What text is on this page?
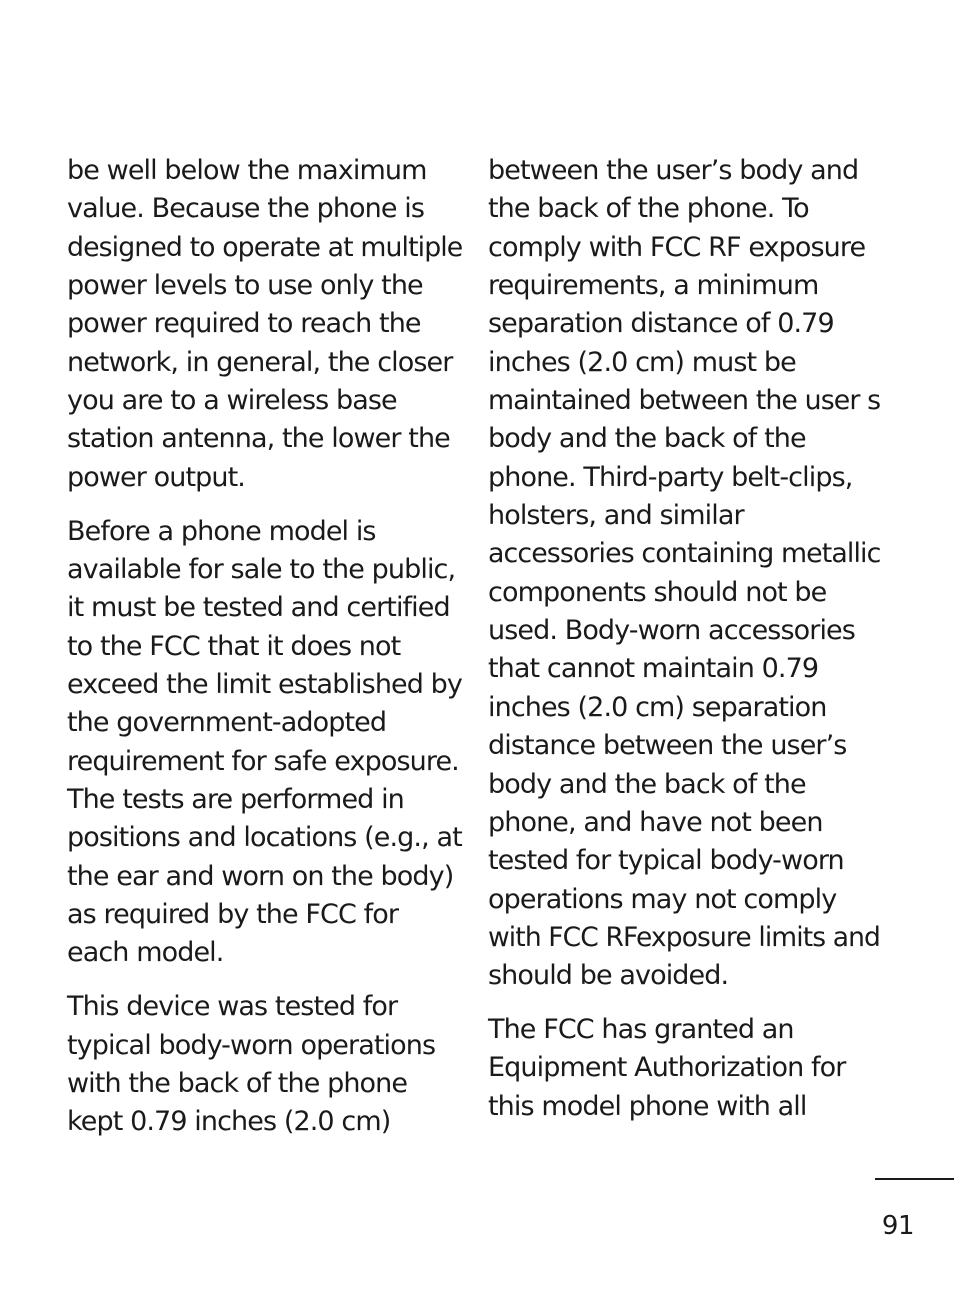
be well below the maximum
value. Because the phone is
designed to operate at multiple
power levels to use only the
power required to reach the
network, in general, the closer
you are to a wireless base
station antenna, the lower the
power output.
Before a phone model is
available for sale to the public,
it must be tested and certified
to the FCC that it does not
exceed the limit established by
the government-adopted
requirement for safe exposure.
The tests are performed in
positions and locations (e.g., at
the ear and worn on the body)
as required by the FCC for
each model.
This device was tested for
typical body-worn operations
with the back of the phone
kept 0.79 inches (2.0 cm)
between the user’s body and
the back of the phone. To
comply with FCC RF exposure
requirements, a minimum
separation distance of 0.79
inches (2.0 cm) must be
maintained between the user s
body and the back of the
phone. Third-party belt-clips,
holsters, and similar
accessories containing metallic
components should not be
used. Body-worn accessories
that cannot maintain 0.79
inches (2.0 cm) separation
distance between the user’s
body and the back of the
phone, and have not been
tested for typical body-worn
operations may not comply
with FCC RFexposure limits and
should be avoided.
The FCC has granted an
Equipment Authorization for
this model phone with all
91
